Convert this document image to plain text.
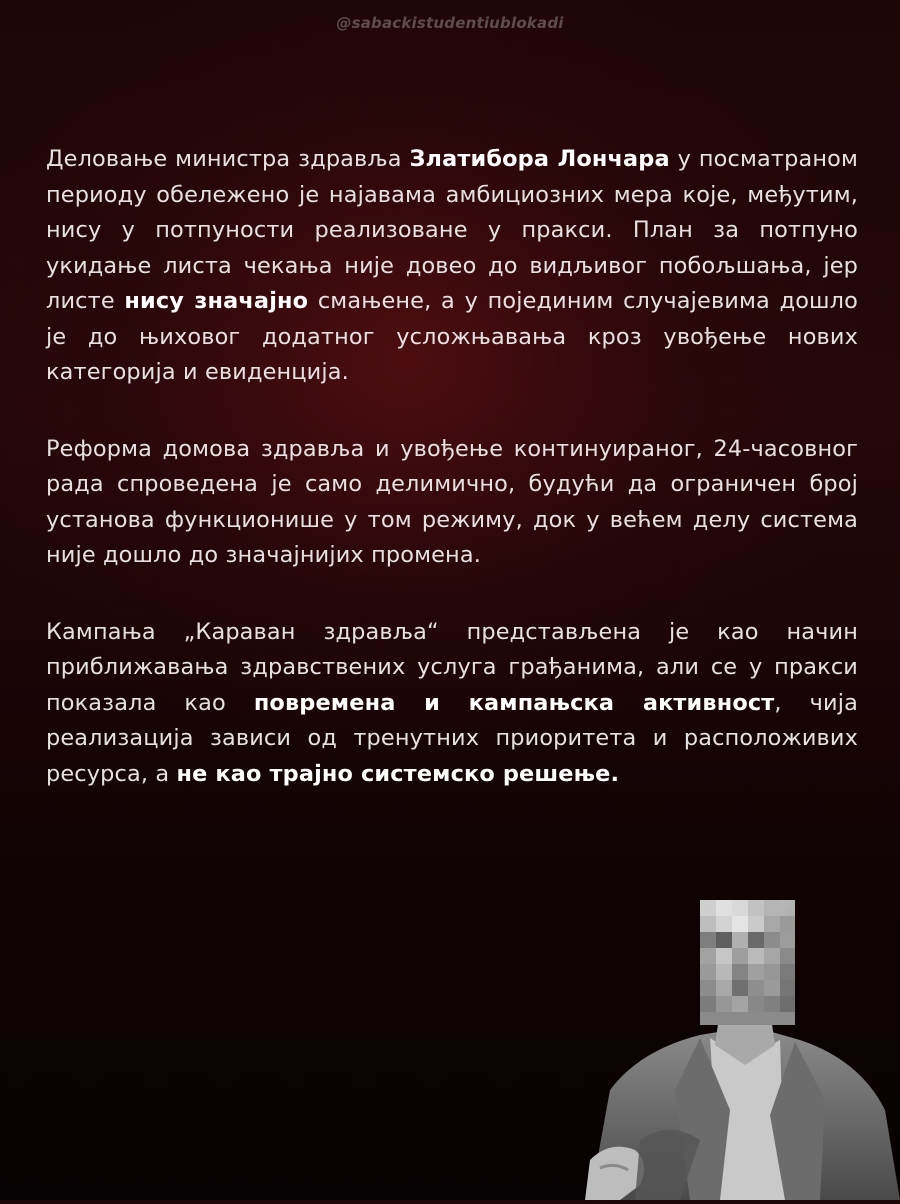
@sabackistudentiublokadi

Деловање министра здравља Златибора Лончара у посматраном периоду обележено је најавама амбициозних мера које, међутим, нису у потпуности реализоване у пракси. План за потпуно укидање листа чекања није довео до видљивог побољшања, јер листе нису значајно смањене, а у појединим случајевима дошло је до њиховог додатног усложњавања кроз увођење нових категорија и евиденција.

Реформа домова здравља и увођење континуираног, 24-часовног рада спроведена је само делимично, будући да ограничен број установа функционише у том режиму, док у већем делу система није дошло до значајнијих промена.

Кампања „Караван здравља“ представљена је као начин приближавања здравствених услуга грађанима, али се у пракси показала као повремена и кампањска активност, чија реализација зависи од тренутних приоритета и расположивих ресурса, а не као трајно системско решење.
